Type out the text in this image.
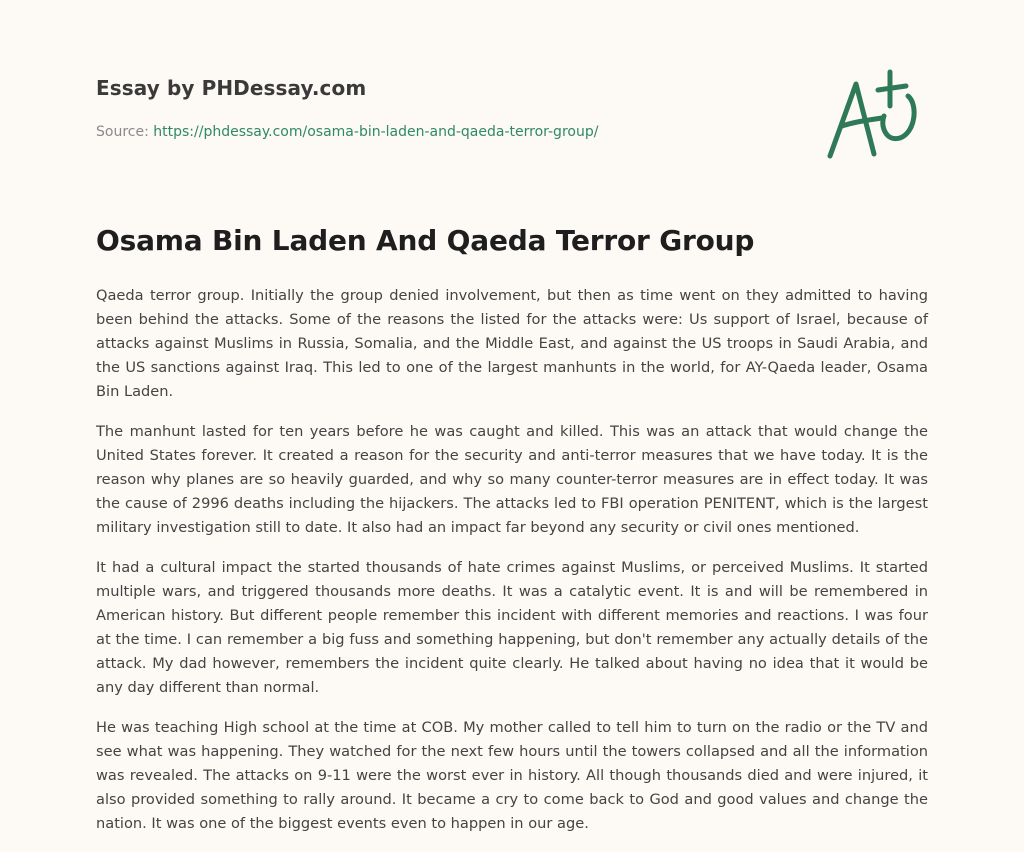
Essay by PHDessay.com
Source: https://phdessay.com/osama-bin-laden-and-qaeda-terror-group/
Osama Bin Laden And Qaeda Terror Group

Qaeda terror group. Initially the group denied involvement, but then as time went on they admitted to having been behind the attacks. Some of the reasons the listed for the attacks were: Us support of Israel, because of attacks against Muslims in Russia, Somalia, and the Middle East, and against the US troops in Saudi Arabia, and the US sanctions against Iraq. This led to one of the largest manhunts in the world, for AY-Qaeda leader, Osama Bin Laden.

The manhunt lasted for ten years before he was caught and killed. This was an attack that would change the United States forever. It created a reason for the security and anti-terror measures that we have today. It is the reason why planes are so heavily guarded, and why so many counter-terror measures are in effect today. It was the cause of 2996 deaths including the hijackers. The attacks led to FBI operation PENITENT, which is the largest military investigation still to date. It also had an impact far beyond any security or civil ones mentioned.

It had a cultural impact the started thousands of hate crimes against Muslims, or perceived Muslims. It started multiple wars, and triggered thousands more deaths. It was a catalytic event. It is and will be remembered in American history. But different people remember this incident with different memories and reactions. I was four at the time. I can remember a big fuss and something happening, but don't remember any actually details of the attack. My dad however, remembers the incident quite clearly. He talked about having no idea that it would be any day different than normal.

He was teaching High school at the time at COB. My mother called to tell him to turn on the radio or the TV and see what was happening. They watched for the next few hours until the towers collapsed and all the information was revealed. The attacks on 9-11 were the worst ever in history. All though thousands died and were injured, it also provided something to rally around. It became a cry to come back to God and good values and change the nation. It was one of the biggest events even to happen in our age.
